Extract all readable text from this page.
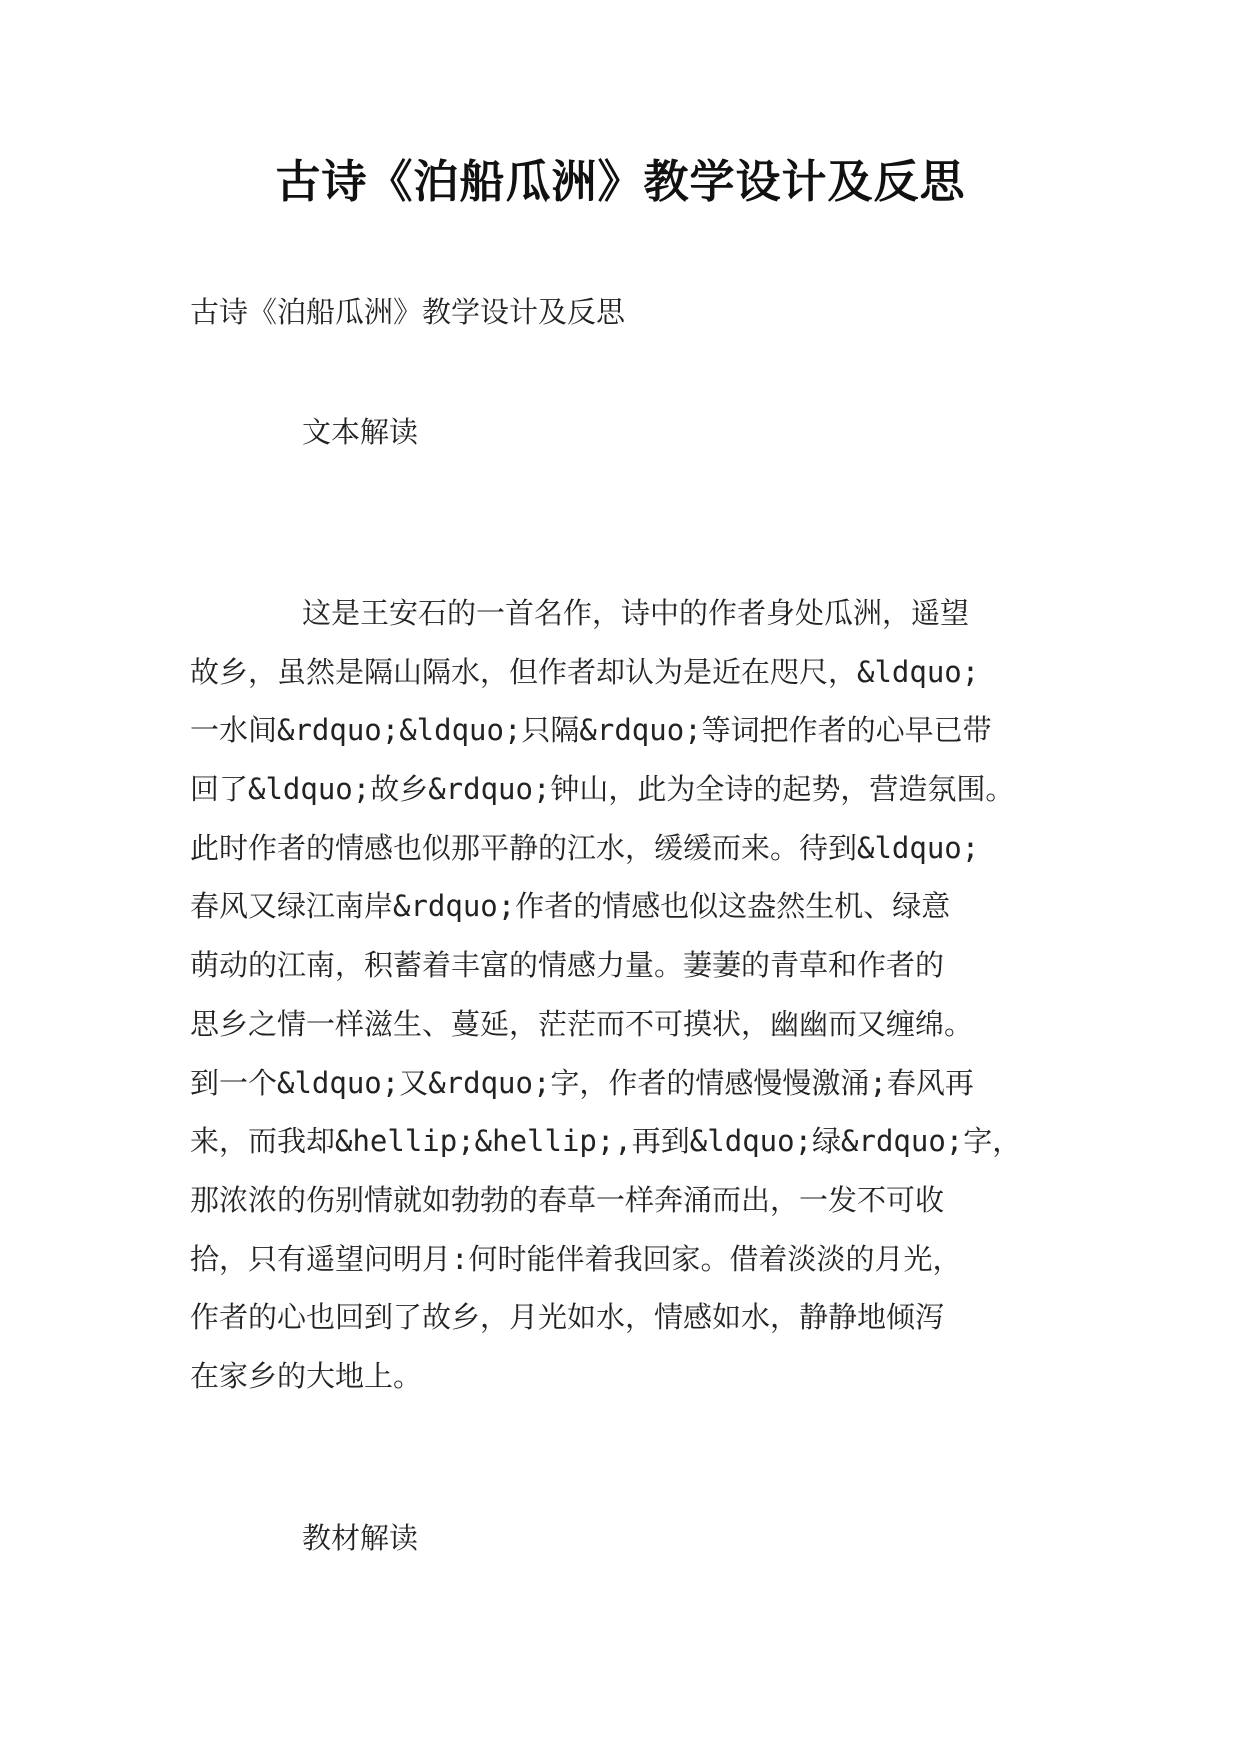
古诗《泊船瓜洲》教学设计及反思
古诗《泊船瓜洲》教学设计及反思
文本解读
这是王安石的一首名作，诗中的作者身处瓜洲，遥望
故乡，虽然是隔山隔水，但作者却认为是近在咫尺，&ldquo;
一水间&rdquo;&ldquo;只隔&rdquo;等词把作者的心早已带
回了&ldquo;故乡&rdquo;钟山，此为全诗的起势，营造氛围。
此时作者的情感也似那平静的江水，缓缓而来。待到&ldquo;
春风又绿江南岸&rdquo;作者的情感也似这盎然生机、绿意
萌动的江南，积蓄着丰富的情感力量。萋萋的青草和作者的
思乡之情一样滋生、蔓延，茫茫而不可摸状，幽幽而又缠绵。
到一个&ldquo;又&rdquo;字，作者的情感慢慢激涌;春风再
来，而我却&hellip;&hellip;,再到&ldquo;绿&rdquo;字，
那浓浓的伤别情就如勃勃的春草一样奔涌而出，一发不可收
拾，只有遥望问明月:何时能伴着我回家。借着淡淡的月光，
作者的心也回到了故乡，月光如水，情感如水，静静地倾泻
在家乡的大地上。
教材解读
